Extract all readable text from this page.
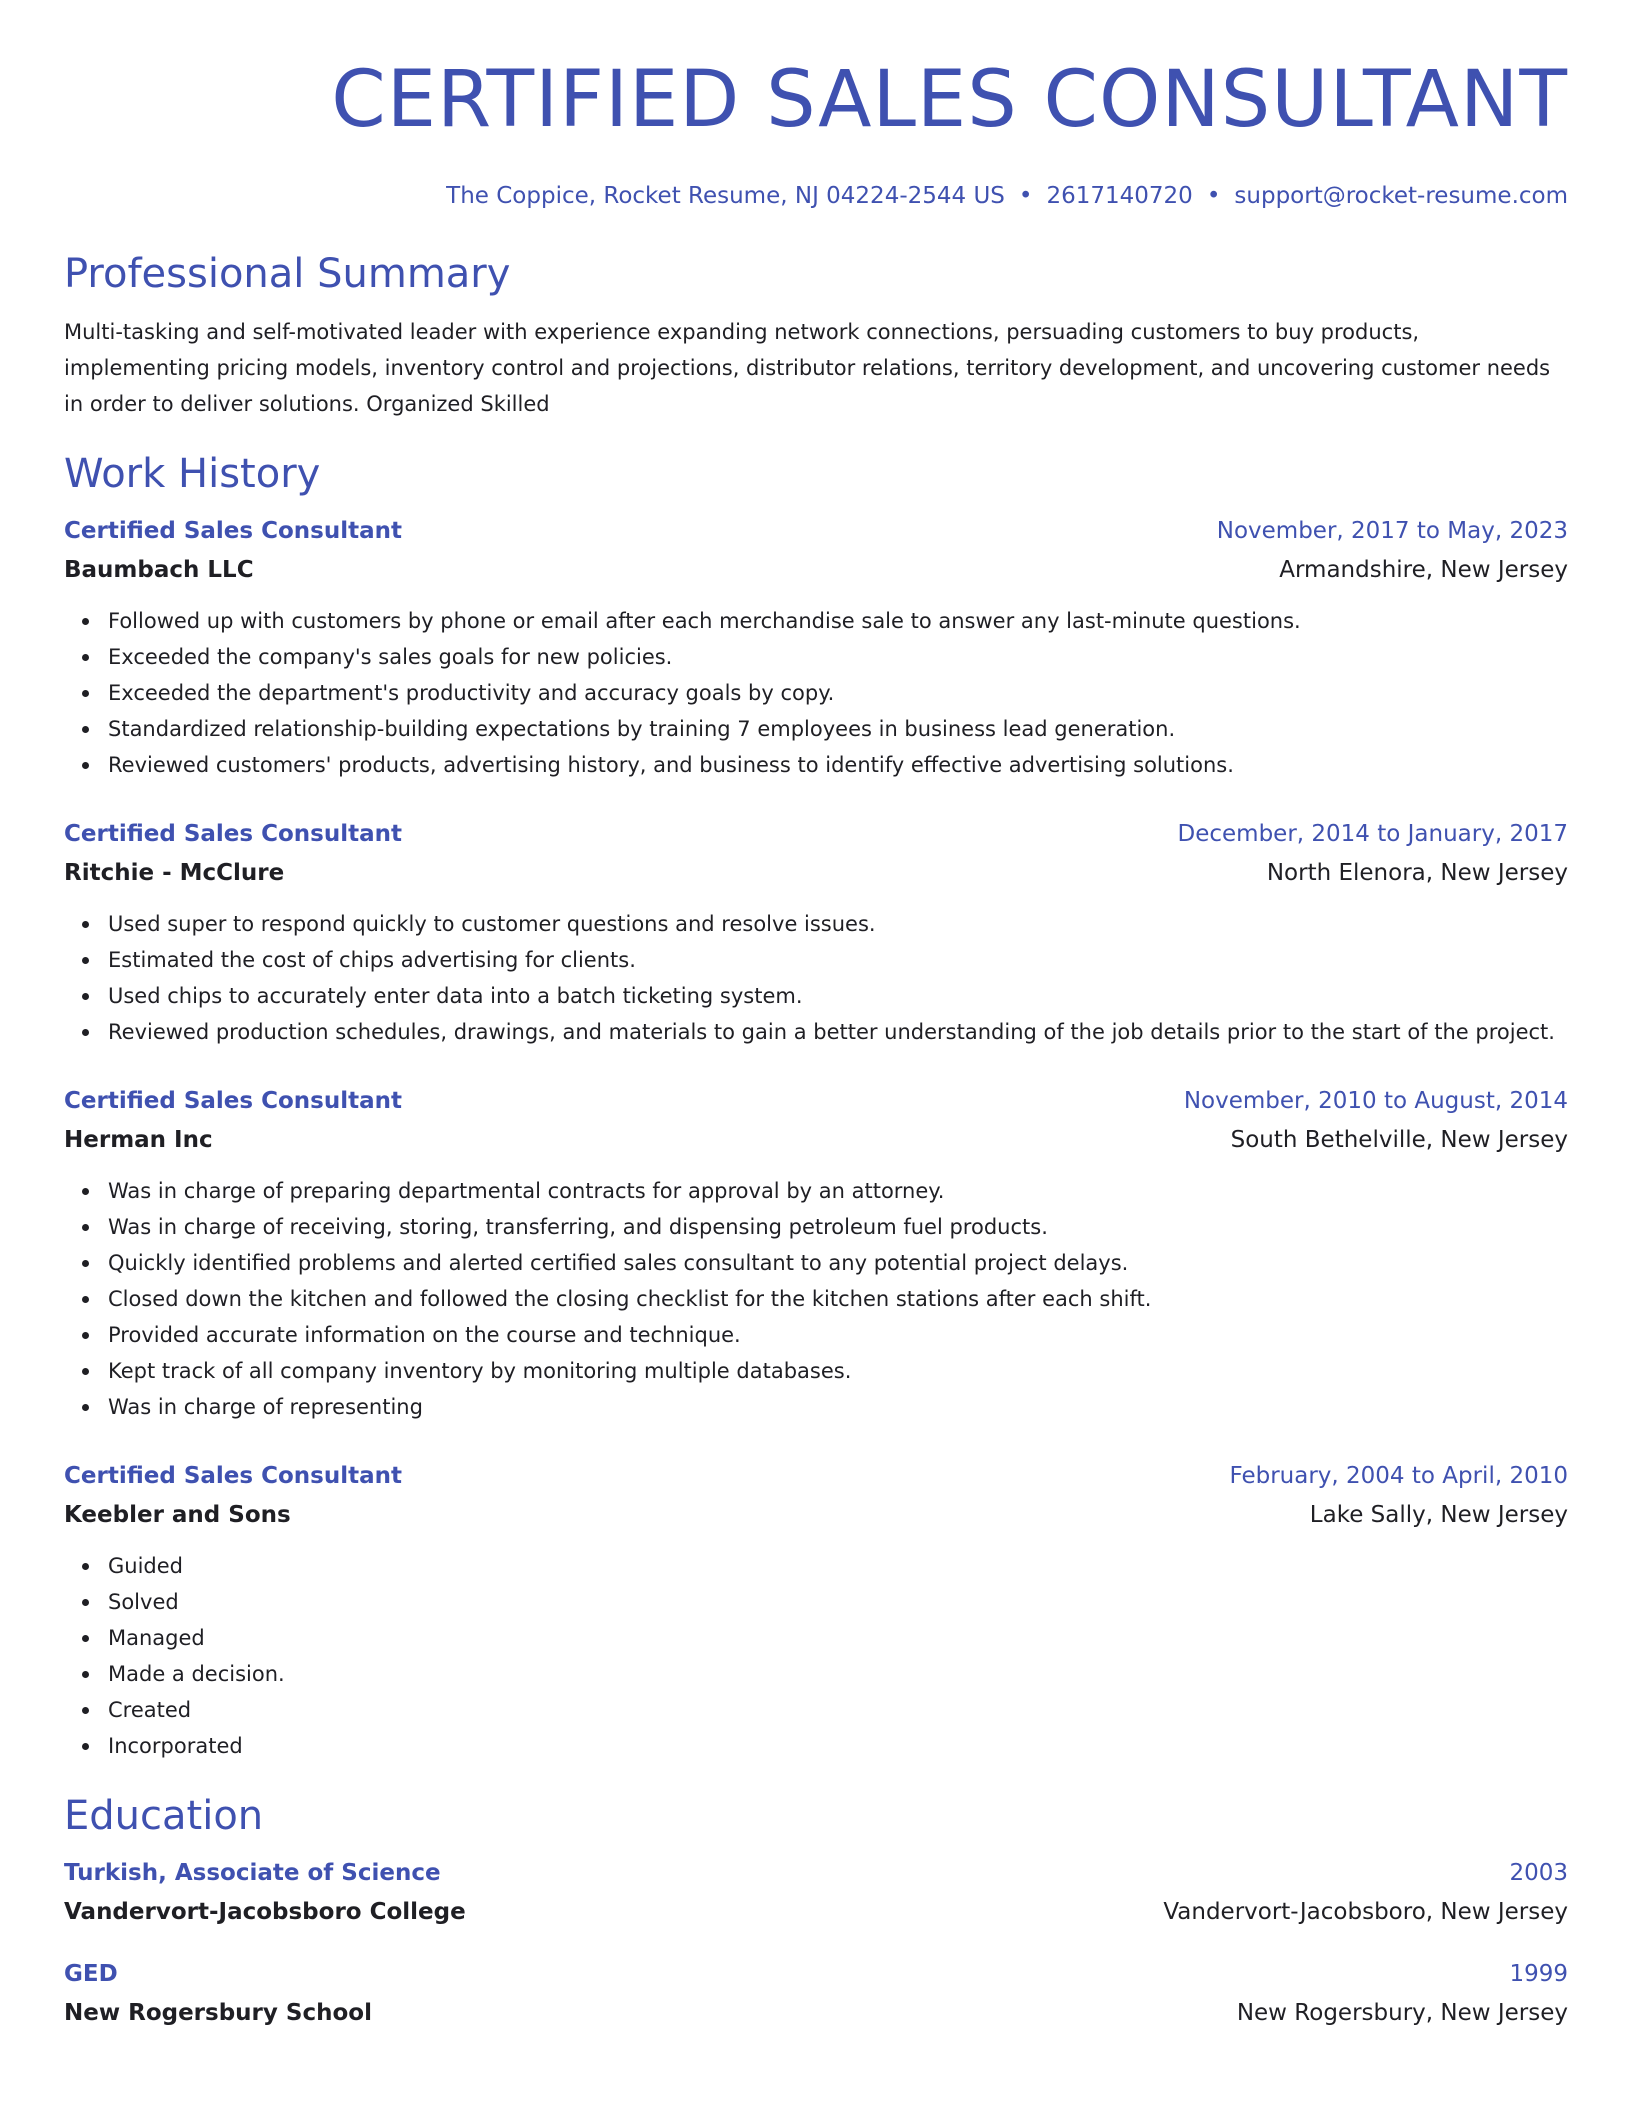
CERTIFIED SALES CONSULTANT
The Coppice, Rocket Resume, NJ 04224-2544 US • 2617140720 • support@rocket-resume.com
Professional Summary
Multi-tasking and self-motivated leader with experience expanding network connections, persuading customers to buy products, implementing pricing models, inventory control and projections, distributor relations, territory development, and uncovering customer needs in order to deliver solutions. Organized Skilled
Work History
Certified Sales Consultant	November, 2017 to May, 2023
Baumbach LLC	Armandshire, New Jersey
Followed up with customers by phone or email after each merchandise sale to answer any last-minute questions.
Exceeded the company's sales goals for new policies.
Exceeded the department's productivity and accuracy goals by copy.
Standardized relationship-building expectations by training 7 employees in business lead generation.
Reviewed customers' products, advertising history, and business to identify effective advertising solutions.
Certified Sales Consultant	December, 2014 to January, 2017
Ritchie - McClure	North Elenora, New Jersey
Used super to respond quickly to customer questions and resolve issues.
Estimated the cost of chips advertising for clients.
Used chips to accurately enter data into a batch ticketing system.
Reviewed production schedules, drawings, and materials to gain a better understanding of the job details prior to the start of the project.
Certified Sales Consultant	November, 2010 to August, 2014
Herman Inc	South Bethelville, New Jersey
Was in charge of preparing departmental contracts for approval by an attorney.
Was in charge of receiving, storing, transferring, and dispensing petroleum fuel products.
Quickly identified problems and alerted certified sales consultant to any potential project delays.
Closed down the kitchen and followed the closing checklist for the kitchen stations after each shift.
Provided accurate information on the course and technique.
Kept track of all company inventory by monitoring multiple databases.
Was in charge of representing
Certified Sales Consultant	February, 2004 to April, 2010
Keebler and Sons	Lake Sally, New Jersey
Guided
Solved
Managed
Made a decision.
Created
Incorporated
Education
Turkish, Associate of Science	2003
Vandervort-Jacobsboro College	Vandervort-Jacobsboro, New Jersey
GED	1999
New Rogersbury School	New Rogersbury, New Jersey
